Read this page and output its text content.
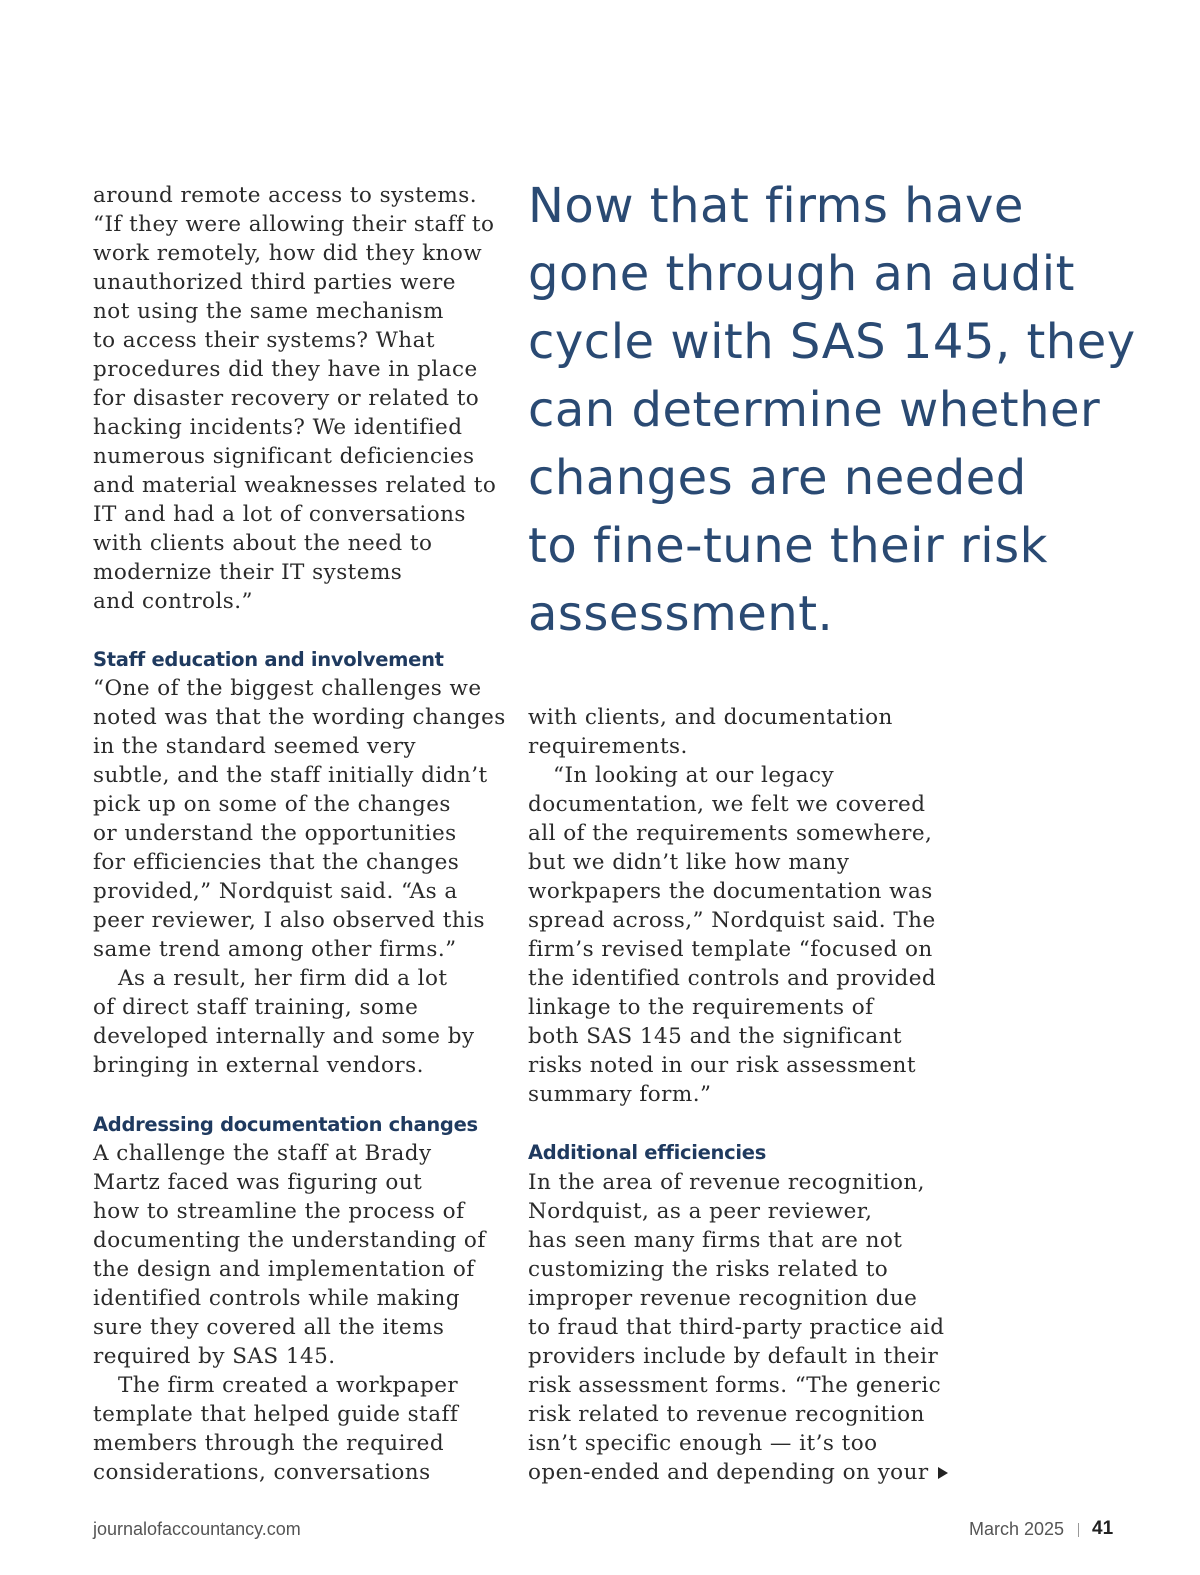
around remote access to systems.
“If they were allowing their staff to
work remotely, how did they know
unauthorized third parties were
not using the same mechanism
to access their systems? What
procedures did they have in place
for disaster recovery or related to
hacking incidents? We identified
numerous significant deficiencies
and material weaknesses related to
IT and had a lot of conversations
with clients about the need to
modernize their IT systems
and controls.”
Staff education and involvement
“One of the biggest challenges we
noted was that the wording changes
in the standard seemed very
subtle, and the staff initially didn’t
pick up on some of the changes
or understand the opportunities
for efficiencies that the changes
provided,” Nordquist said. “As a
peer reviewer, I also observed this
same trend among other firms.”
As a result, her firm did a lot
of direct staff training, some
developed internally and some by
bringing in external vendors.
Addressing documentation changes
A challenge the staff at Brady
Martz faced was figuring out
how to streamline the process of
documenting the understanding of
the design and implementation of
identified controls while making
sure they covered all the items
required by SAS 145.
The firm created a workpaper
template that helped guide staff
members through the required
considerations, conversations
Now that firms have
gone through an audit
cycle with SAS 145, they
can determine whether
changes are needed
to fine-tune their risk
assessment.
with clients, and documentation
requirements.
“In looking at our legacy
documentation, we felt we covered
all of the requirements somewhere,
but we didn’t like how many
workpapers the documentation was
spread across,” Nordquist said. The
firm’s revised template “focused on
the identified controls and provided
linkage to the requirements of
both SAS 145 and the significant
risks noted in our risk assessment
summary form.”
Additional efficiencies
In the area of revenue recognition,
Nordquist, as a peer reviewer,
has seen many firms that are not
customizing the risks related to
improper revenue recognition due
to fraud that third-party practice aid
providers include by default in their
risk assessment forms. “The generic
risk related to revenue recognition
isn’t specific enough — it’s too
open-ended and depending on your
journalofaccountancy.com	March 2025 41
